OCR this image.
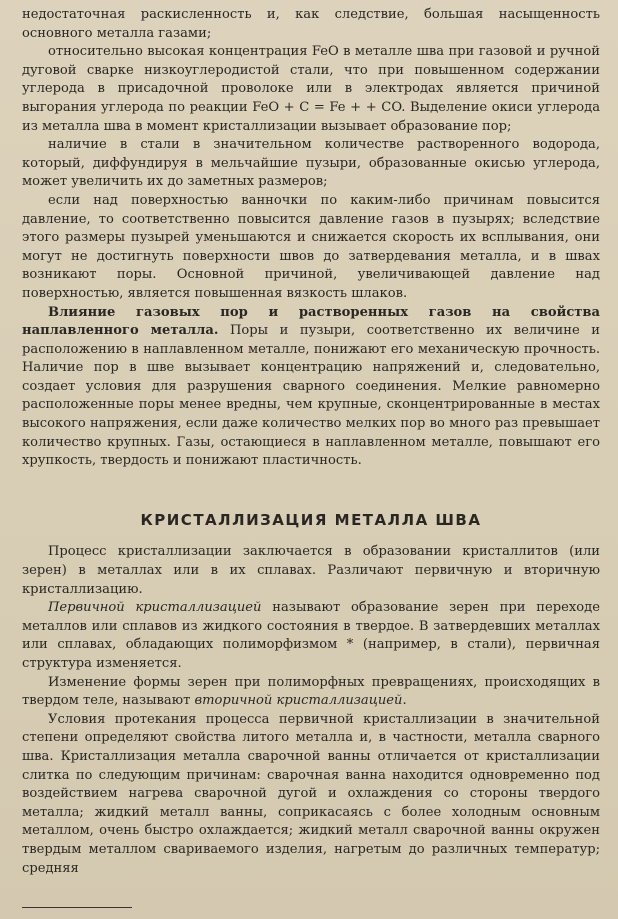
недостаточная раскисленность и, как следствие, большая насыщенность основного металла газами;

относительно высокая концентрация FeO в металле шва при газовой и ручной дуговой сварке низкоуглеродистой стали, что при повышенном содержании углерода в присадочной проволоке или в электродах является причиной выгорания углерода по реакции FeO + C = Fe + + CO. Выделение окиси углерода из металла шва в момент кристаллизации вызывает образование пор;

наличие в стали в значительном количестве растворенного водорода, который, диффундируя в мельчайшие пузыри, образованные окисью углерода, может увеличить их до заметных размеров;

если над поверхностью ванночки по каким-либо причинам повысится давление, то соответственно повысится давление газов в пузырях; вследствие этого размеры пузырей уменьшаются и снижается скорость их всплывания, они могут не достигнуть поверхности швов до затвердевания металла, и в швах возникают поры. Основной причиной, увеличивающей давление над поверхностью, является повышенная вязкость шлаков.

Влияние газовых пор и растворенных газов на свойства наплавленного металла. Поры и пузыри, соответственно их величине и расположению в наплавленном металле, понижают его механическую прочность. Наличие пор в шве вызывает концентрацию напряжений и, следовательно, создает условия для разрушения сварного соединения. Мелкие равномерно расположенные поры менее вредны, чем крупные, сконцентрированные в местах высокого напряжения, если даже количество мелких пор во много раз превышает количество крупных. Газы, остающиеся в наплавленном металле, повышают его хрупкость, твердость и понижают пластичность.

КРИСТАЛЛИЗАЦИЯ МЕТАЛЛА ШВА

Процесс кристаллизации заключается в образовании кристаллитов (или зерен) в металлах или в их сплавах. Различают первичную и вторичную кристаллизацию.

Первичной кристаллизацией называют образование зерен при переходе металлов или сплавов из жидкого состояния в твердое. В затвердевших металлах или сплавах, обладающих полиморфизмом * (например, в стали), первичная структура изменяется.

Изменение формы зерен при полиморфных превращениях, происходящих в твердом теле, называют вторичной кристаллизацией.

Условия протекания процесса первичной кристаллизации в значительной степени определяют свойства литого металла и, в частности, металла сварного шва. Кристаллизация металла сварочной ванны отличается от кристаллизации слитка по следующим причинам: сварочная ванна находится одновременно под воздействием нагрева сварочной дугой и охлаждения со стороны твердого металла; жидкий металл ванны, соприкасаясь с более холодным основным металлом, очень быстро охлаждается; жидкий металл сварочной ванны окружен твердым металлом свариваемого изделия, нагретым до различных температур; средняя
